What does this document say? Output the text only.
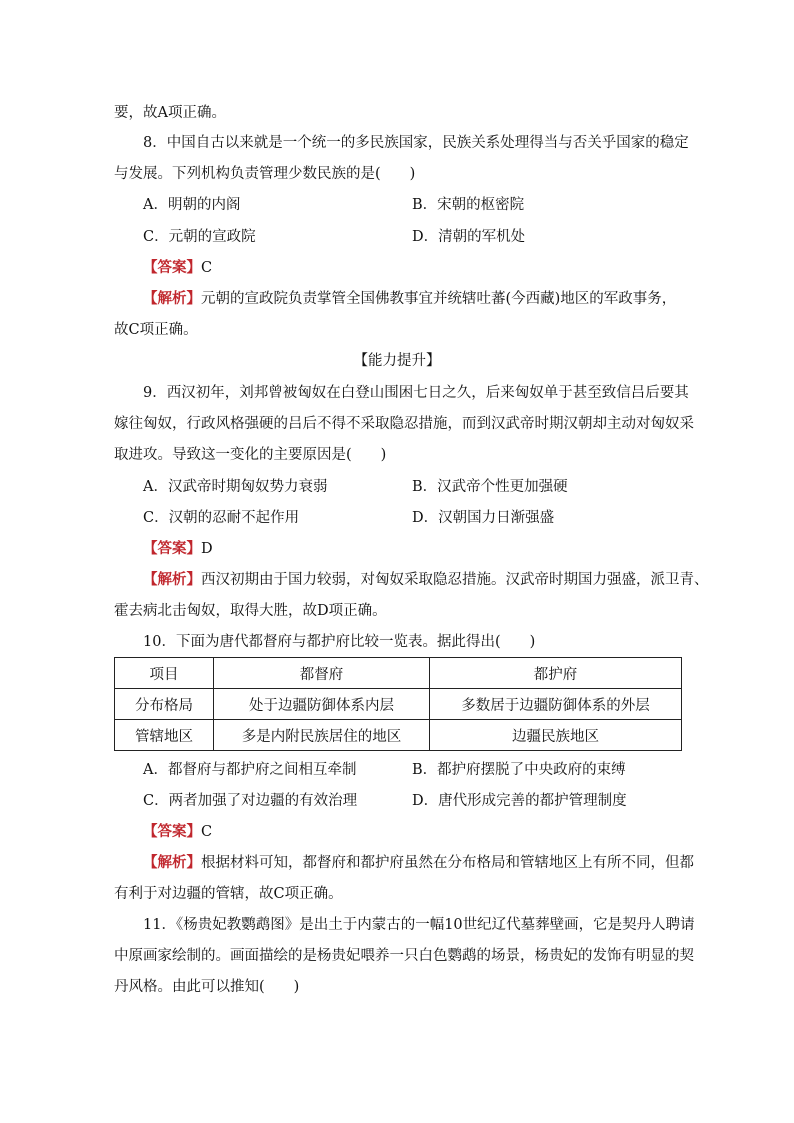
要，故A项正确。
8．中国自古以来就是一个统一的多民族国家，民族关系处理得当与否关乎国家的稳定
与发展。下列机构负责管理少数民族的是(　　)
A．明朝的内阁	B．宋朝的枢密院
C．元朝的宣政院	D．清朝的军机处
【答案】C
【解析】元朝的宣政院负责掌管全国佛教事宜并统辖吐蕃(今西藏)地区的军政事务，
故C项正确。
【能力提升】
9．西汉初年，刘邦曾被匈奴在白登山围困七日之久，后来匈奴单于甚至致信吕后要其
嫁往匈奴，行政风格强硬的吕后不得不采取隐忍措施，而到汉武帝时期汉朝却主动对匈奴采
取进攻。导致这一变化的主要原因是(　　)
A．汉武帝时期匈奴势力衰弱	B．汉武帝个性更加强硬
C．汉朝的忍耐不起作用	D．汉朝国力日渐强盛
【答案】D
【解析】西汉初期由于国力较弱，对匈奴采取隐忍措施。汉武帝时期国力强盛，派卫青、
霍去病北击匈奴，取得大胜，故D项正确。
10．下面为唐代都督府与都护府比较一览表。据此得出(　　)
项目	都督府	都护府
分布格局	处于边疆防御体系内层	多数居于边疆防御体系的外层
管辖地区	多是内附民族居住的地区	边疆民族地区
A．都督府与都护府之间相互牵制	B．都护府摆脱了中央政府的束缚
C．两者加强了对边疆的有效治理	D．唐代形成完善的都护管理制度
【答案】C
【解析】根据材料可知，都督府和都护府虽然在分布格局和管辖地区上有所不同，但都
有利于对边疆的管辖，故C项正确。
11．《杨贵妃教鹦鹉图》是出土于内蒙古的一幅10世纪辽代墓葬壁画，它是契丹人聘请
中原画家绘制的。画面描绘的是杨贵妃喂养一只白色鹦鹉的场景，杨贵妃的发饰有明显的契
丹风格。由此可以推知(　　)
